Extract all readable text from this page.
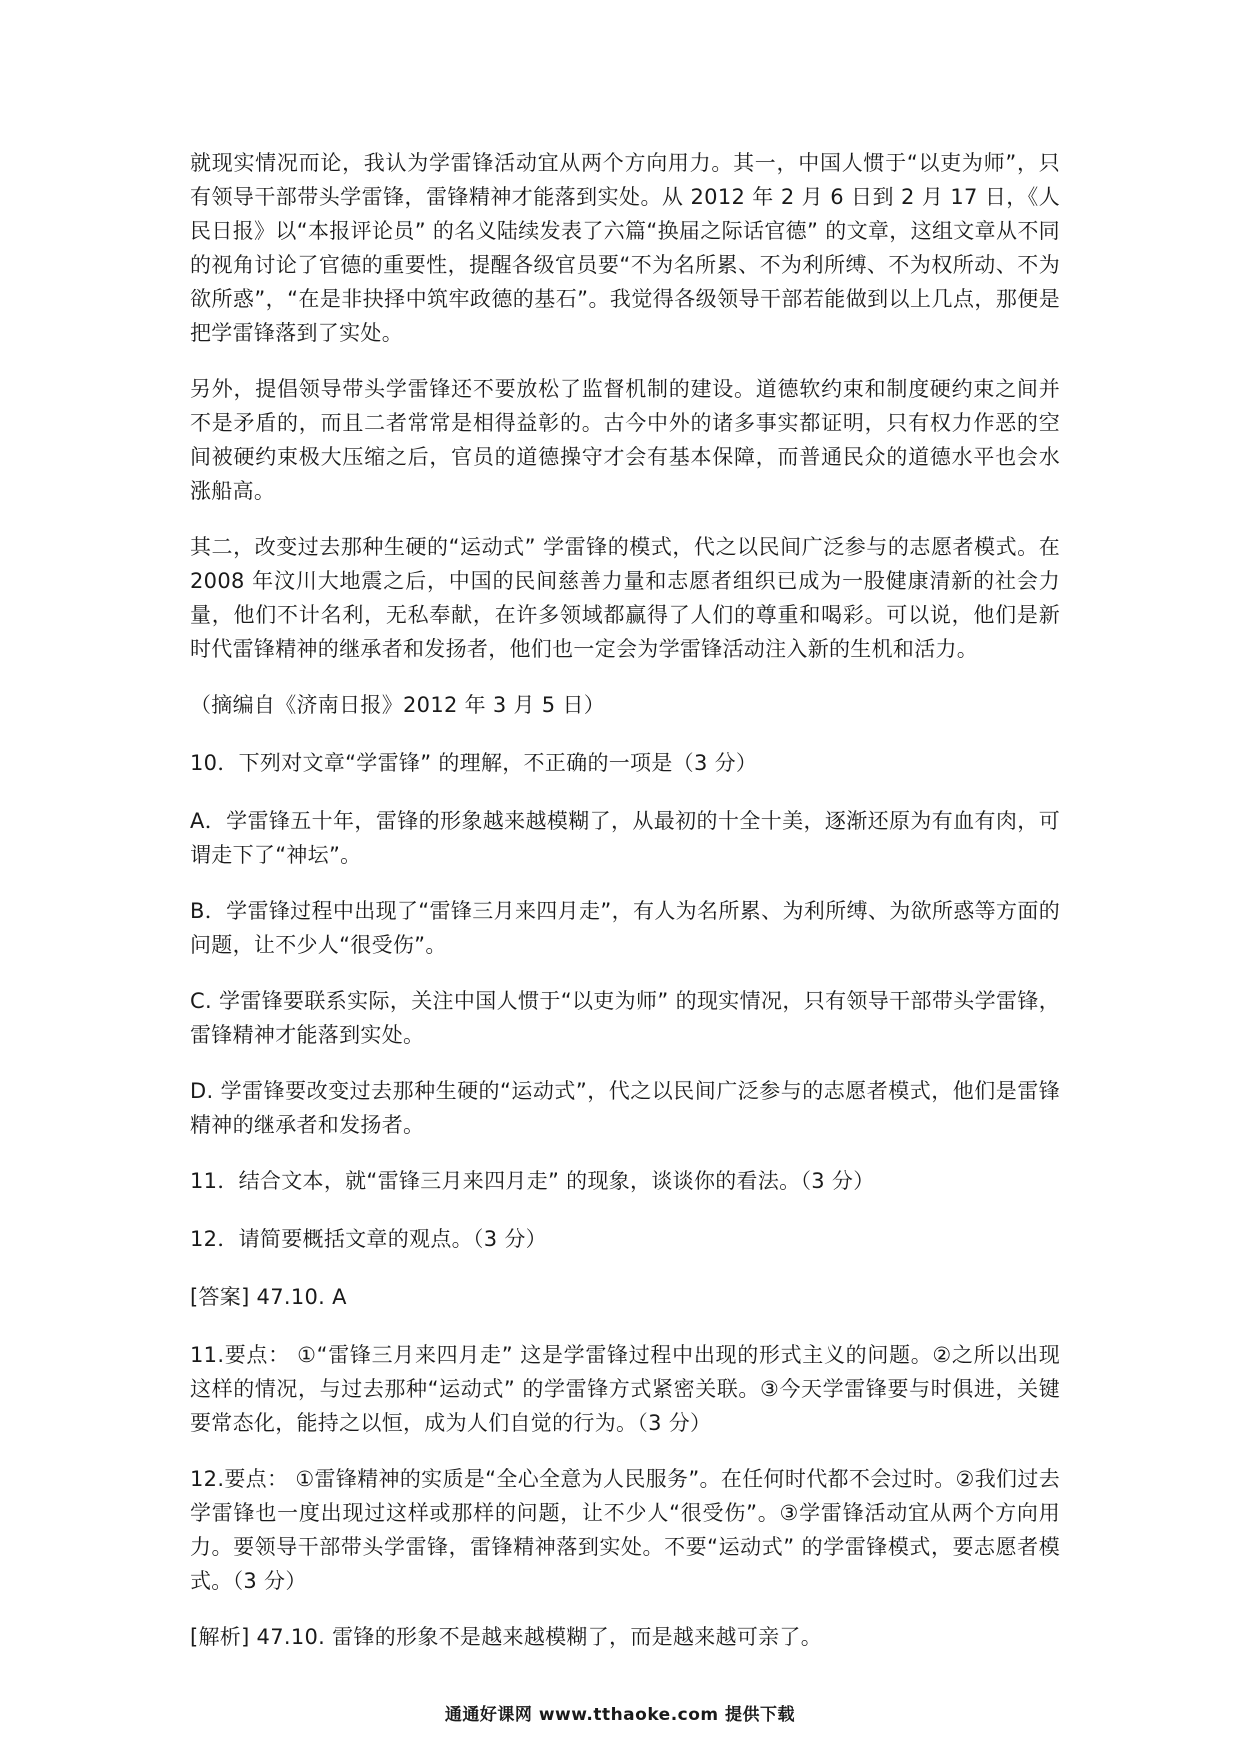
就现实情况而论，我认为学雷锋活动宜从两个方向用力。其一，中国人惯于“以吏为师”，只有领导干部带头学雷锋，雷锋精神才能落到实处。从 2012 年 2 月 6 日到 2 月 17 日，《人民日报》以“本报评论员” 的名义陆续发表了六篇“换届之际话官德” 的文章，这组文章从不同的视角讨论了官德的重要性，提醒各级官员要“不为名所累、不为利所缚、不为权所动、不为欲所惑”，“在是非抉择中筑牢政德的基石”。我觉得各级领导干部若能做到以上几点，那便是把学雷锋落到了实处。

另外，提倡领导带头学雷锋还不要放松了监督机制的建设。道德软约束和制度硬约束之间并不是矛盾的，而且二者常常是相得益彰的。古今中外的诸多事实都证明，只有权力作恶的空间被硬约束极大压缩之后，官员的道德操守才会有基本保障，而普通民众的道德水平也会水涨船高。

其二，改变过去那种生硬的“运动式” 学雷锋的模式，代之以民间广泛参与的志愿者模式。在 2008 年汶川大地震之后，中国的民间慈善力量和志愿者组织已成为一股健康清新的社会力量，他们不计名利，无私奉献，在许多领域都赢得了人们的尊重和喝彩。可以说，他们是新时代雷锋精神的继承者和发扬者，他们也一定会为学雷锋活动注入新的生机和活力。

（摘编自《济南日报》2012 年 3 月 5 日）

10．下列对文章“学雷锋” 的理解，不正确的一项是（3 分）

A．学雷锋五十年，雷锋的形象越来越模糊了，从最初的十全十美，逐渐还原为有血有肉，可谓走下了“神坛”。

B．学雷锋过程中出现了“雷锋三月来四月走”，有人为名所累、为利所缚、为欲所惑等方面的问题，让不少人“很受伤”。

C. 学雷锋要联系实际，关注中国人惯于“以吏为师” 的现实情况，只有领导干部带头学雷锋，雷锋精神才能落到实处。

D. 学雷锋要改变过去那种生硬的“运动式”，代之以民间广泛参与的志愿者模式，他们是雷锋精神的继承者和发扬者。

11．结合文本，就“雷锋三月来四月走” 的现象，谈谈你的看法。（3 分）

12．请简要概括文章的观点。（3 分）

[答案] 47.10. A

11.要点： ①“雷锋三月来四月走” 这是学雷锋过程中出现的形式主义的问题。②之所以出现这样的情况，与过去那种“运动式” 的学雷锋方式紧密关联。③今天学雷锋要与时俱进，关键要常态化，能持之以恒，成为人们自觉的行为。（3 分）

12.要点： ①雷锋精神的实质是“全心全意为人民服务”。在任何时代都不会过时。②我们过去学雷锋也一度出现过这样或那样的问题，让不少人“很受伤”。③学雷锋活动宜从两个方向用力。要领导干部带头学雷锋，雷锋精神落到实处。不要“运动式” 的学雷锋模式，要志愿者模式。（3 分）

[解析] 47.10. 雷锋的形象不是越来越模糊了，而是越来越可亲了。

通通好课网 www.tthaoke.com 提供下载
